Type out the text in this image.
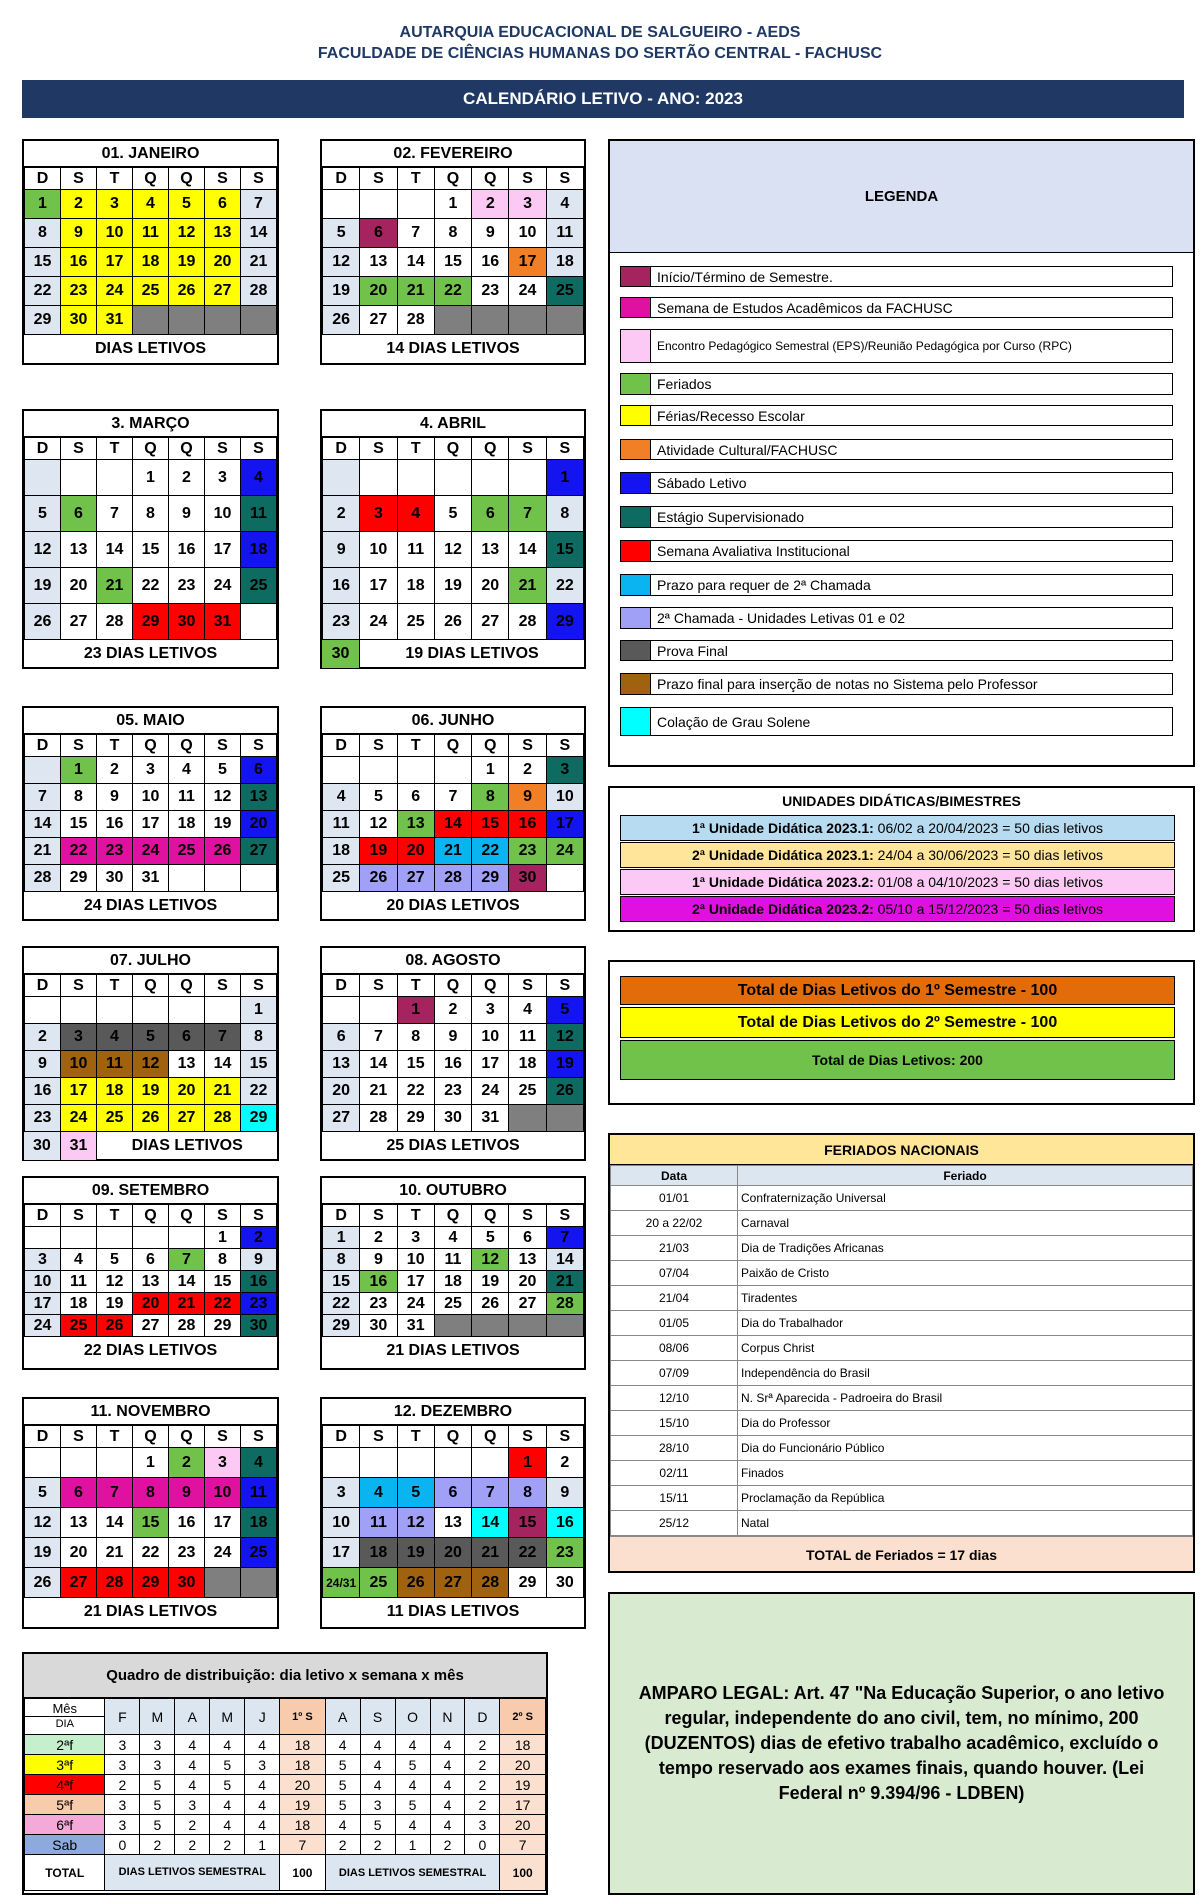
AUTARQUIA EDUCACIONAL DE SALGUEIRO - AEDS
FACULDADE DE CIÊNCIAS HUMANAS DO SERTÃO CENTRAL - FACHUSC
CALENDÁRIO LETIVO - ANO: 2023
01. JANEIRO
D	S	T	Q	Q	S	S
1	2	3	4	5	6	7
8	9	10	11	12	13	14
15	16	17	18	19	20	21
22	23	24	25	26	27	28
29	30	31				
DIAS LETIVOS
02. FEVEREIRO
D	S	T	Q	Q	S	S
			1	2	3	4
5	6	7	8	9	10	11
12	13	14	15	16	17	18
19	20	21	22	23	24	25
26	27	28				
14 DIAS LETIVOS
3. MARÇO
D	S	T	Q	Q	S	S
			1	2	3	4
5	6	7	8	9	10	11
12	13	14	15	16	17	18
19	20	21	22	23	24	25
26	27	28	29	30	31	
23 DIAS LETIVOS
4. ABRIL
D	S	T	Q	Q	S	S
						1
2	3	4	5	6	7	8
9	10	11	12	13	14	15
16	17	18	19	20	21	22
23	24	25	26	27	28	29
30	19 DIAS LETIVOS
05. MAIO
D	S	T	Q	Q	S	S
	1	2	3	4	5	6
7	8	9	10	11	12	13
14	15	16	17	18	19	20
21	22	23	24	25	26	27
28	29	30	31			
24 DIAS LETIVOS
06. JUNHO
D	S	T	Q	Q	S	S
				1	2	3
4	5	6	7	8	9	10
11	12	13	14	15	16	17
18	19	20	21	22	23	24
25	26	27	28	29	30	
20 DIAS LETIVOS
07. JULHO
D	S	T	Q	Q	S	S
						1
2	3	4	5	6	7	8
9	10	11	12	13	14	15
16	17	18	19	20	21	22
23	24	25	26	27	28	29
30	31	DIAS LETIVOS
08. AGOSTO
D	S	T	Q	Q	S	S
		1	2	3	4	5
6	7	8	9	10	11	12
13	14	15	16	17	18	19
20	21	22	23	24	25	26
27	28	29	30	31		
25 DIAS LETIVOS
09. SETEMBRO
D	S	T	Q	Q	S	S
					1	2
3	4	5	6	7	8	9
10	11	12	13	14	15	16
17	18	19	20	21	22	23
24	25	26	27	28	29	30
22 DIAS LETIVOS
10. OUTUBRO
D	S	T	Q	Q	S	S
1	2	3	4	5	6	7
8	9	10	11	12	13	14
15	16	17	18	19	20	21
22	23	24	25	26	27	28
29	30	31				
21 DIAS LETIVOS
11. NOVEMBRO
D	S	T	Q	Q	S	S
			1	2	3	4
5	6	7	8	9	10	11
12	13	14	15	16	17	18
19	20	21	22	23	24	25
26	27	28	29	30		
21 DIAS LETIVOS
12. DEZEMBRO
D	S	T	Q	Q	S	S
					1	2
3	4	5	6	7	8	9
10	11	12	13	14	15	16
17	18	19	20	21	22	23
24/31	25	26	27	28	29	30
11 DIAS LETIVOS
LEGENDA
Início/Término de Semestre.
Semana de Estudos Acadêmicos da FACHUSC
Encontro Pedagógico Semestral (EPS)/Reunião Pedagógica por Curso (RPC)
Feriados
Férias/Recesso Escolar
Atividade Cultural/FACHUSC
Sábado Letivo
Estágio Supervisionado
Semana Avaliativa Institucional
Prazo para requer de 2ª Chamada
2ª Chamada - Unidades Letivas 01 e 02
Prova Final
Prazo final para inserção de notas no Sistema pelo Professor
Colação de Grau Solene
UNIDADES DIDÁTICAS/BIMESTRES
1ª Unidade Didática 2023.1: 06/02 a 20/04/2023 = 50 dias letivos
2ª Unidade Didática 2023.1: 24/04 a 30/06/2023 = 50 dias letivos
1ª Unidade Didática 2023.2: 01/08 a 04/10/2023 = 50 dias letivos
2ª Unidade Didática 2023.2: 05/10 a 15/12/2023 = 50 dias letivos
Total de Dias Letivos do 1º Semestre - 100
Total de Dias Letivos do 2º Semestre - 100
Total de Dias Letivos: 200
FERIADOS NACIONAIS
Data	Feriado
01/01	Confraternização Universal
20 a 22/02	Carnaval
21/03	Dia de Tradições Africanas
07/04	Paixão de Cristo
21/04	Tiradentes
01/05	Dia do Trabalhador
08/06	Corpus Christ
07/09	Independência do Brasil
12/10	N. Srª Aparecida - Padroeira do Brasil
15/10	Dia do Professor
28/10	Dia do Funcionário Público
02/11	Finados
15/11	Proclamação da República
25/12	Natal
TOTAL de Feriados = 17 dias
AMPARO LEGAL: Art. 47 "Na Educação Superior, o ano letivo regular, independente do ano civil, tem, no mínimo, 200 (DUZENTOS) dias de efetivo trabalho acadêmico, excluído o tempo reservado aos exames finais, quando houver. (Lei Federal nº 9.394/96 - LDBEN)
Quadro de distribuição: dia letivo x semana x mês
Mês
DIA	F	M	A	M	J	1º S	A	S	O	N	D	2º S
2ªf	3	3	4	4	4	18	4	4	4	4	2	18
3ªf	3	3	4	5	3	18	5	4	5	4	2	20
4ªf	2	5	4	5	4	20	5	4	4	4	2	19
5ªf	3	5	3	4	4	19	5	3	5	4	2	17
6ªf	3	5	2	4	4	18	4	5	4	4	3	20
Sab	0	2	2	2	1	7	2	2	1	2	0	7
TOTAL	DIAS LETIVOS SEMESTRAL					100	DIAS LETIVOS SEMESTRAL					100
